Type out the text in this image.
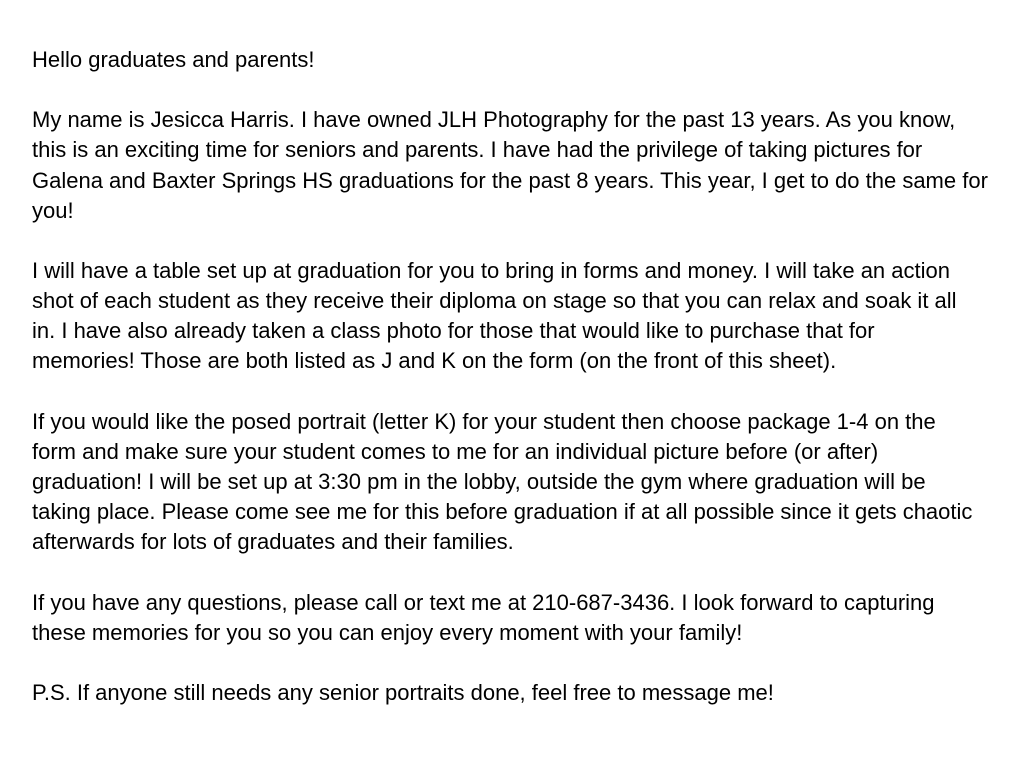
Hello graduates and parents!
My name is Jesicca Harris. I have owned JLH Photography for the past 13 years. As you know,
this is an exciting time for seniors and parents. I have had the privilege of taking pictures for
Galena and Baxter Springs HS graduations for the past 8 years. This year, I get to do the same for
you!
I will have a table set up at graduation for you to bring in forms and money. I will take an action
shot of each student as they receive their diploma on stage so that you can relax and soak it all
in. I have also already taken a class photo for those that would like to purchase that for
memories! Those are both listed as J and K on the form (on the front of this sheet).
If you would like the posed portrait (letter K) for your student then choose package 1-4 on the
form and make sure your student comes to me for an individual picture before (or after)
graduation! I will be set up at 3:30 pm in the lobby, outside the gym where graduation will be
taking place. Please come see me for this before graduation if at all possible since it gets chaotic
afterwards for lots of graduates and their families.
If you have any questions, please call or text me at 210-687-3436. I look forward to capturing
these memories for you so you can enjoy every moment with your family!
P.S. If anyone still needs any senior portraits done, feel free to message me!
